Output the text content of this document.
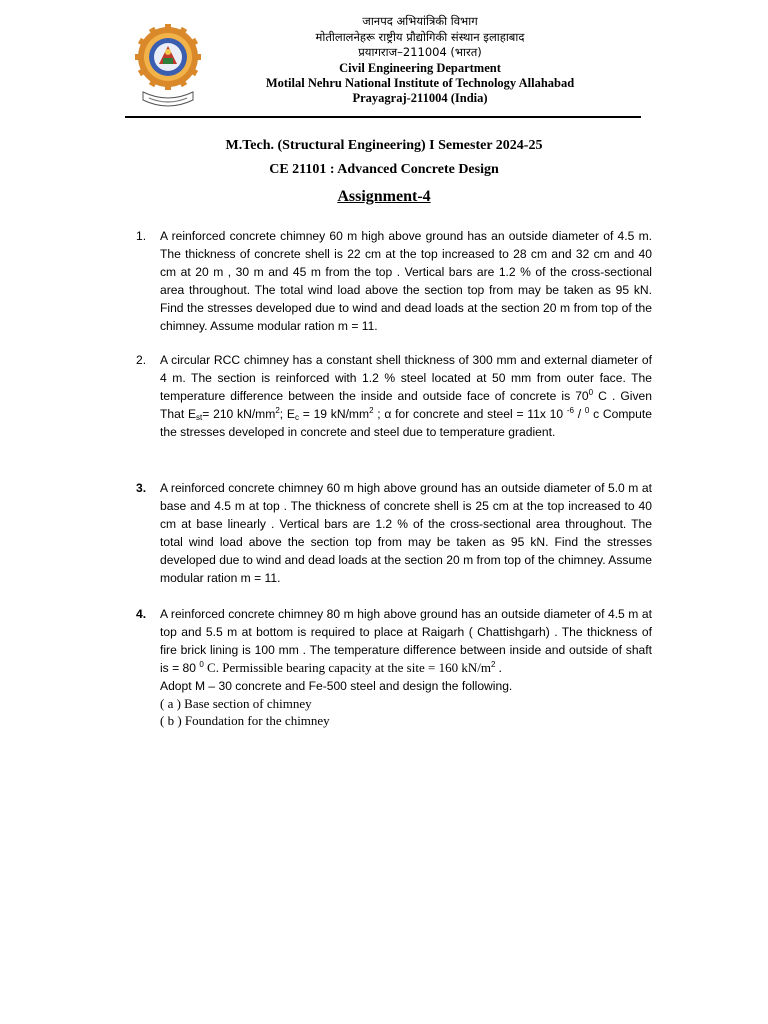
जानपद अभियांत्रिकी विभाग
मोतीलालनेहरू राष्ट्रीय प्रौद्योगिकी संस्थान इलाहाबाद
प्रयागराज–211004 (भारत)
Civil Engineering Department
Motilal Nehru National Institute of Technology Allahabad
Prayagraj-211004 (India)
M.Tech. (Structural Engineering) I Semester 2024-25
CE 21101 : Advanced Concrete Design
Assignment-4
1.	A reinforced concrete chimney 60 m high above ground has an outside diameter of 4.5 m. The thickness of concrete shell is 22 cm at the top increased to 28 cm and 32 cm and 40 cm at 20 m , 30 m and 45 m from the top . Vertical bars are 1.2 % of the cross-sectional area throughout. The total wind load above the section top from may be taken as 95 kN. Find the stresses developed due to wind and dead loads at the section 20 m from top of the chimney. Assume modular ration m = 11.
2.	A circular RCC chimney has a constant shell thickness of 300 mm and external diameter of 4 m. The section is reinforced with 1.2 % steel located at 50 mm from outer face. The temperature difference between the inside and outside face of concrete is $70^0$ C . Given That $E_{st}= 210$ $kN/mm^2$; $E_c = 19$ $kN/mm^2$ ; α for concrete and steel = 11x 10 $^{-6}$ / $^0$ c Compute the stresses developed in concrete and steel due to temperature gradient.
3.	A reinforced concrete chimney 60 m high above ground has an outside diameter of 5.0 m at base and 4.5 m at top . The thickness of concrete shell is 25 cm at the top increased to 40 cm at base linearly . Vertical bars are 1.2 % of the cross-sectional area throughout. The total wind load above the section top from may be taken as 95 kN. Find the stresses developed due to wind and dead loads at the section 20 m from top of the chimney. Assume modular ration m = 11.
4.	A reinforced concrete chimney 80 m high above ground has an outside diameter of 4.5 m at top and 5.5 m at bottom is required to place at Raigarh ( Chattishgarh) . The thickness of fire brick lining is 100 mm . The temperature difference between inside and outside of shaft is = 80 $^0$ C. Permissible bearing capacity at the site = 160 $kN/m^2$ .
Adopt M – 30 concrete and Fe-500 steel and design the following.
( a ) Base section of chimney
( b ) Foundation for the chimney
